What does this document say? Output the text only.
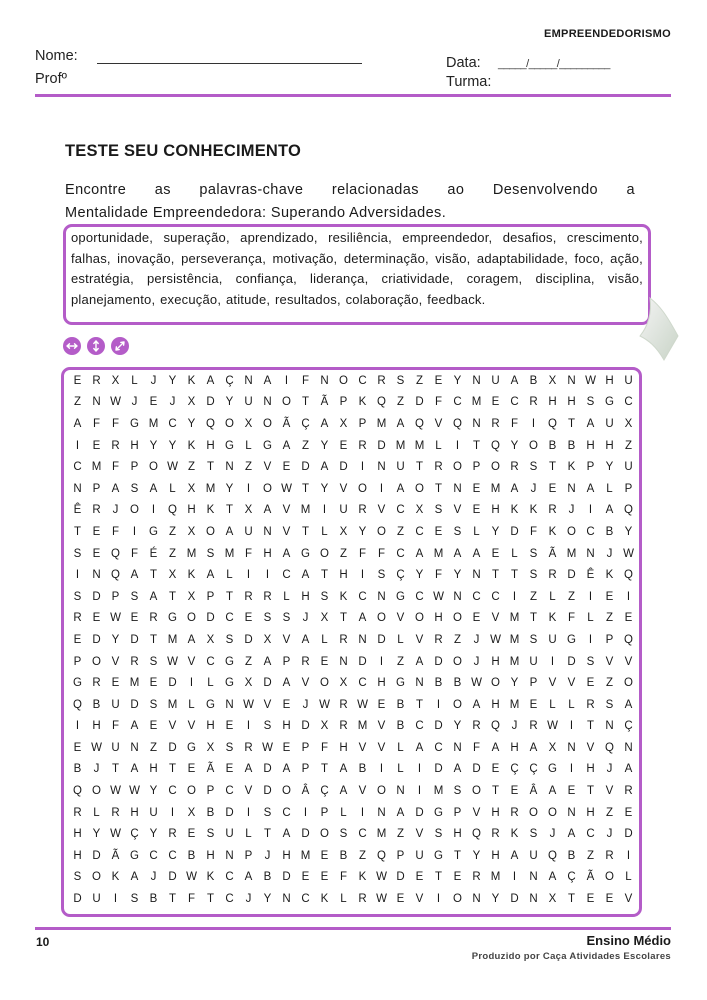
EMPREENDEDORISMO
Nome:
Profº
Data: _____/_____/_________
Turma:
TESTE SEU CONHECIMENTO
Encontre as palavras-chave relacionadas ao Desenvolvendo a
Mentalidade Empreendedora: Superando Adversidades.
oportunidade, superação, aprendizado, resiliência, empreendedor, desafios, crescimento, falhas, inovação, perseverança, motivação, determinação, visão, adaptabilidade, foco, ação, estratégia, persistência, confiança, liderança, criatividade, coragem, disciplina, visão, planejamento, execução, atitude, resultados, colaboração, feedback.
E R X	L	J	Y K A Ç N A	I	F N O C R S	Z	E Y N U A B X N W H U
Z N W J	E	J	X D Y U N O T	Ã P K Q Z D F C M E C R H H S G C
A	F	F G M C Y Q O X O Ã Ç A X P M A Q V Q N R F	I	Q T	A U X
I	E R H Y Y K H G L G A	Z	Y E R D M M L	I	T Q Y O B B H H Z
C M F	P O W Z	T N Z	V E D A D	I	N U T R O P O R S	T	K P Y U
N P A S A	L	X M Y	I	O W T	Y V O	I	A O T N E M A	J	E N A	L	P
Ê R	J	O	I	Q H K	T	X A V M	I	U R V C X S V E H K K R	J	I	A Q
T	E	F	I	G Z	X O A U N V	T	L	X Y O Z C E S	L	Y D F	K O C B Y
S E Q F	É	Z M S M F H A G O Z	F	F C A M A A E	L	S Ã M N	J W
I	N Q A	T	X K A	L	I	I	C A	T H	I	S Ç Y	F	Y N T	T	S R D Ê K Q
S D P S A	T	X P	T R R	L	H S K C N G C W N C C	I	Z	L	Z	I	E	I
R E W E R G O D C E S S	J	X	T	A O V O H O E V M T	K	F	L	Z	E
E D Y D T M A X S D X V A	L	R N D	L	V R Z	J W M S U G	I	P Q
P O V R S W V C G Z	A P R E N D	I	Z	A D O	J	H M U	I	D S V V
G R E M E D	I	L G X D A V O X C H G N B B W O Y P V V E	Z O
Q B U D S M L G N W V E	J W R W E B	T	I	O A H M E	L	L	R S A
I	H F	A E V V H E	I	S H D X R M V B C D Y R Q	J	R W	I	T N Ç
E W U N Z D G X S R W E P	F H V V	L	A C N F	A H A X N V Q N
B	J	T	A H T	E Ã E A D A P	T	A B	I	L	I	D A D E Ç Ç G	I	H	J	A
Q O W W Y C O P C V D O Â Ç A V O N	I	M S O T	E Â A E	T	V R
R	L	R H U	I	X B D	I	S C	I	P	L	I	N A D G P V H R O O N H Z	E
H Y W Ç Y R E S U	L	T	A D O S C M Z	V S H Q R K S	J	A C	J	D
H D Ã G C C B H N P	J	H M E B	Z Q P U G T	Y H A U Q B	Z R	I
S O K A	J	D W K C A B D E E	F	K W D E	T	E R M	I	N A Ç Ã O L
D U	I	S B	T	F	T C	J	Y N C K	L	R W E V	I	O N Y D N X	T	E E V
10	Ensino Médio
Produzido por Caça Atividades Escolares
